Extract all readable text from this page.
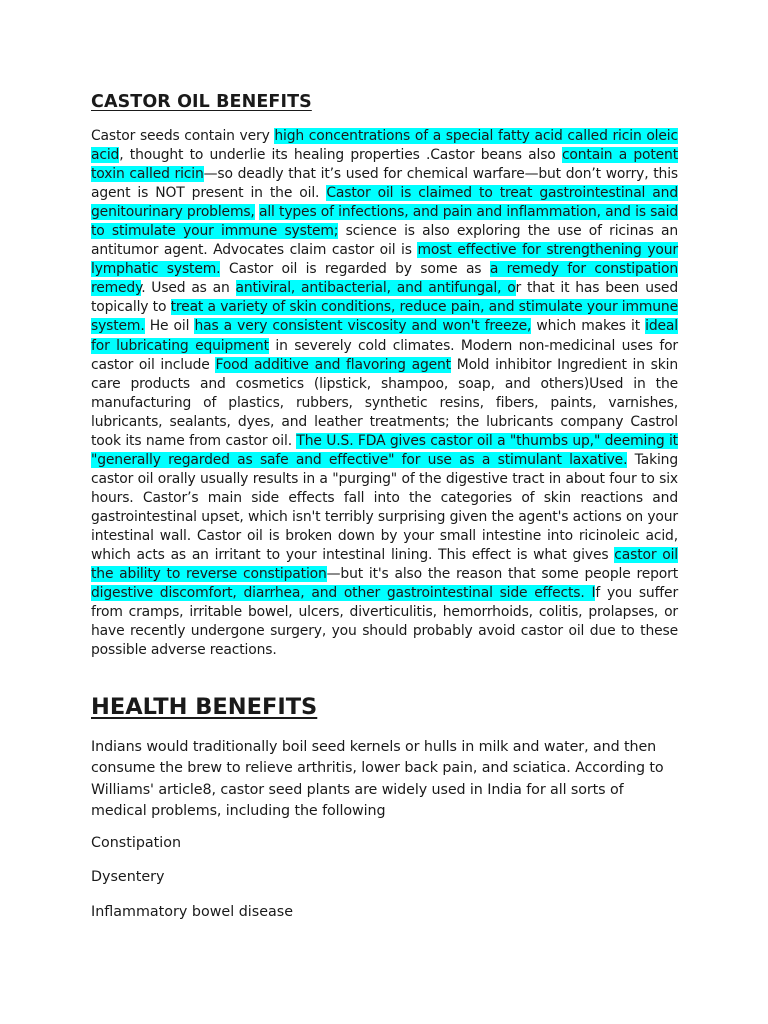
CASTOR OIL BENEFITS

Castor seeds contain very high concentrations of a special fatty acid called ricin oleic acid, thought to underlie its healing properties .Castor beans also contain a potent toxin called ricin—so deadly that it’s used for chemical warfare—but don’t worry, this agent is NOT present in the oil. Castor oil is claimed to treat gastrointestinal and genitourinary problems, all types of infections, and pain and inflammation, and is said to stimulate your immune system; science is also exploring the use of ricinas an antitumor agent. Advocates claim castor oil is most effective for strengthening your lymphatic system. Castor oil is regarded by some as a remedy for constipation remedy. Used as an antiviral, antibacterial, and antifungal, or that it has been used topically to treat a variety of skin conditions, reduce pain, and stimulate your immune system. He oil has a very consistent viscosity and won't freeze, which makes it ideal for lubricating equipment in severely cold climates. Modern non-medicinal uses for castor oil include Food additive and flavoring agent Mold inhibitor Ingredient in skin care products and cosmetics (lipstick, shampoo, soap, and others)Used in the manufacturing of plastics, rubbers, synthetic resins, fibers, paints, varnishes, lubricants, sealants, dyes, and leather treatments; the lubricants company Castrol took its name from castor oil. The U.S. FDA gives castor oil a "thumbs up," deeming it "generally regarded as safe and effective" for use as a stimulant laxative. Taking castor oil orally usually results in a "purging" of the digestive tract in about four to six hours. Castor’s main side effects fall into the categories of skin reactions and gastrointestinal upset, which isn't terribly surprising given the agent's actions on your intestinal wall. Castor oil is broken down by your small intestine into ricinoleic acid, which acts as an irritant to your intestinal lining. This effect is what gives castor oil the ability to reverse constipation—but it's also the reason that some people report digestive discomfort, diarrhea, and other gastrointestinal side effects. If you suffer from cramps, irritable bowel, ulcers, diverticulitis, hemorrhoids, colitis, prolapses, or have recently undergone surgery, you should probably avoid castor oil due to these possible adverse reactions.

HEALTH BENEFITS

Indians would traditionally boil seed kernels or hulls in milk and water, and then consume the brew to relieve arthritis, lower back pain, and sciatica. According to Williams' article8, castor seed plants are widely used in India for all sorts of medical problems, including the following

Constipation

Dysentery

Inflammatory bowel disease
